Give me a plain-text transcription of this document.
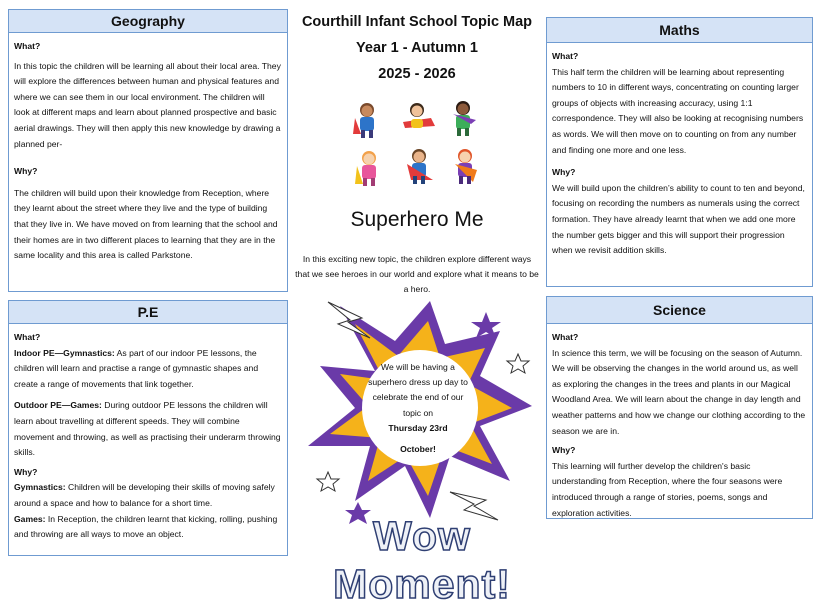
Geography

What?

In this topic the children will be learning all about their local area. They will explore the differences between human and physical features and where we can see them in our local environment. The children will look at different maps and learn about planned prospective and basic aerial drawings. They will then apply this new knowledge by drawing a planned per-

Why?

The children will build upon their knowledge from Reception, where they learnt about the street where they live and the type of building that they live in. We have moved on from learning that the school and their homes are in two different places to learning that they are in the same locality and this area is called Parkstone.

P.E

What?

Indoor PE—Gymnastics: As part of our indoor PE lessons, the children will learn and practise a range of gymnastic shapes and create a range of movements that link together.

Outdoor PE—Games: During outdoor PE lessons the children will learn about travelling at different speeds. They will combine movement and throwing, as well as practising their underarm throwing skills.

Why?

Gymnastics: Children will be developing their skills of moving safely around a space and how to balance for a short time.

Games: In Reception, the children learnt that kicking, rolling, pushing and throwing are all ways to move an object.

Maths

What?

This half term the children will be learning about representing numbers to 10 in different ways, concentrating on counting larger groups of objects with increasing accuracy, using 1:1 correspondence. They will also be looking at recognising numbers as words. We will then move on to counting on from any number and finding one more and one less.

Why?

We will build upon the children’s ability to count to ten and beyond, focusing on recording the numbers as numerals using the correct formation. They have already learnt that when we add one more the number gets bigger and this will support their progression when we revisit addition skills.

Science

What?

In science this term, we will be focusing on the season of Autumn. We will be observing the changes in the world around us, as well as exploring the changes in the trees and plants in our Magical Woodland Area. We will learn about the change in day length and weather patterns and how we change our clothing according to the season we are in.

Why?

This learning will further develop the children's basic understanding from Reception, where the four seasons were introduced through a range of stories, poems, songs and exploration activities.

Courthill Infant School Topic Map
Year 1 - Autumn 1
2025 - 2026
Superhero Me
In this exciting new topic, the children explore different ways that we see heroes in our world and explore what it means to be a hero.

We will be having a superhero dress up day to celebrate the end of our topic on

Thursday 23rd

October!

Wow Moment!
